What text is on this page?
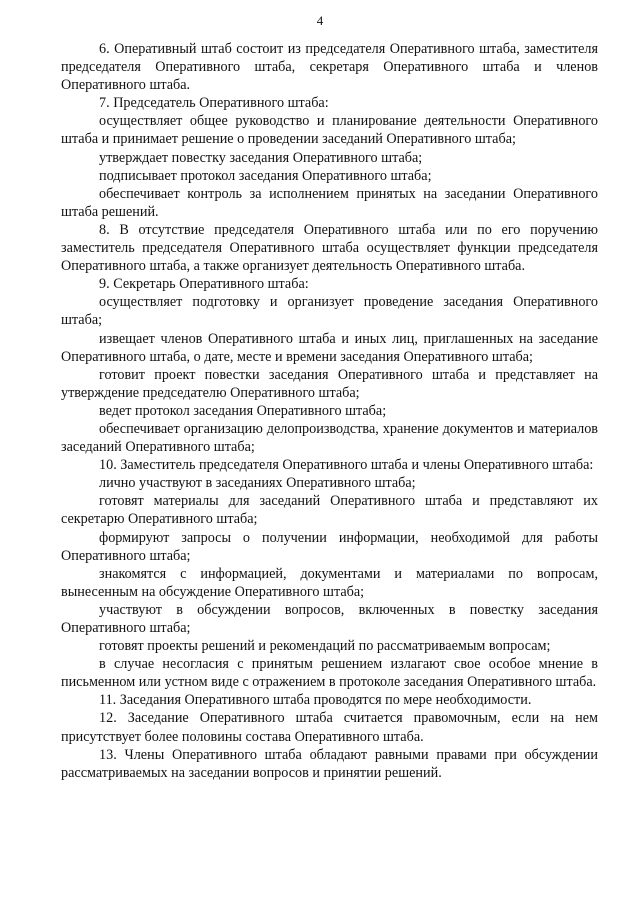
4

6. Оперативный штаб состоит из председателя Оперативного штаба, заместителя председателя Оперативного штаба, секретаря Оперативного штаба и членов Оперативного штаба.

7. Председатель Оперативного штаба:

осуществляет общее руководство и планирование деятельности Оперативного штаба и принимает решение о проведении заседаний Оперативного штаба;

утверждает повестку заседания Оперативного штаба;

подписывает протокол заседания Оперативного штаба;

обеспечивает контроль за исполнением принятых на заседании Оперативного штаба решений.

8. В отсутствие председателя Оперативного штаба или по его поручению заместитель председателя Оперативного штаба осуществляет функции председателя Оперативного штаба, а также организует деятельность Оперативного штаба.

9. Секретарь Оперативного штаба:

осуществляет подготовку и организует проведение заседания Оперативного штаба;

извещает членов Оперативного штаба и иных лиц, приглашенных на заседание Оперативного штаба, о дате, месте и времени заседания Оперативного штаба;

готовит проект повестки заседания Оперативного штаба и представляет на утверждение председателю Оперативного штаба;

ведет протокол заседания Оперативного штаба;

обеспечивает организацию делопроизводства, хранение документов и материалов заседаний Оперативного штаба;

10. Заместитель председателя Оперативного штаба и члены Оперативного штаба:

лично участвуют в заседаниях Оперативного штаба;

готовят материалы для заседаний Оперативного штаба и представляют их секретарю Оперативного штаба;

формируют запросы о получении информации, необходимой для работы Оперативного штаба;

знакомятся с информацией, документами и материалами по вопросам, вынесенным на обсуждение Оперативного штаба;

участвуют в обсуждении вопросов, включенных в повестку заседания Оперативного штаба;

готовят проекты решений и рекомендаций по рассматриваемым вопросам;

в случае несогласия с принятым решением излагают свое особое мнение в письменном или устном виде с отражением в протоколе заседания Оперативного штаба.

11. Заседания Оперативного штаба проводятся по мере необходимости.

12. Заседание Оперативного штаба считается правомочным, если на нем присутствует более половины состава Оперативного штаба.

13. Члены Оперативного штаба обладают равными правами при обсуждении рассматриваемых на заседании вопросов и принятии решений.
